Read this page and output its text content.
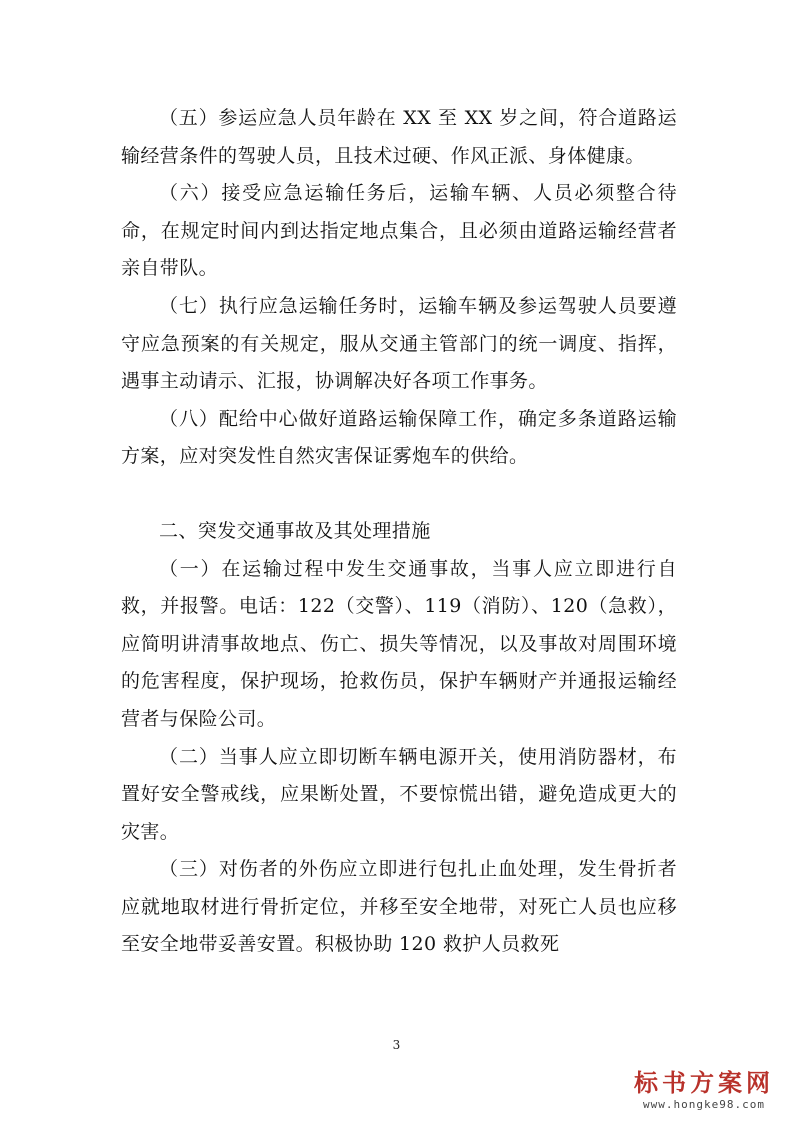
（五）参运应急人员年龄在 XX 至 XX 岁之间，符合道路运输经营条件的驾驶人员，且技术过硬、作风正派、身体健康。

（六）接受应急运输任务后，运输车辆、人员必须整合待命，在规定时间内到达指定地点集合，且必须由道路运输经营者亲自带队。

（七）执行应急运输任务时，运输车辆及参运驾驶人员要遵守应急预案的有关规定，服从交通主管部门的统一调度、指挥，遇事主动请示、汇报，协调解决好各项工作事务。

（八）配给中心做好道路运输保障工作，确定多条道路运输方案，应对突发性自然灾害保证雾炮车的供给。

二、突发交通事故及其处理措施

（一）在运输过程中发生交通事故，当事人应立即进行自救，并报警。电话：122（交警）、119（消防）、120（急救），应简明讲清事故地点、伤亡、损失等情况，以及事故对周围环境的危害程度，保护现场，抢救伤员，保护车辆财产并通报运输经营者与保险公司。

（二）当事人应立即切断车辆电源开关，使用消防器材，布置好安全警戒线，应果断处置，不要惊慌出错，避免造成更大的灾害。

（三）对伤者的外伤应立即进行包扎止血处理，发生骨折者应就地取材进行骨折定位，并移至安全地带，对死亡人员也应移至安全地带妥善安置。积极协助 120 救护人员救死

3
标书方案网
www.hongke98.com
